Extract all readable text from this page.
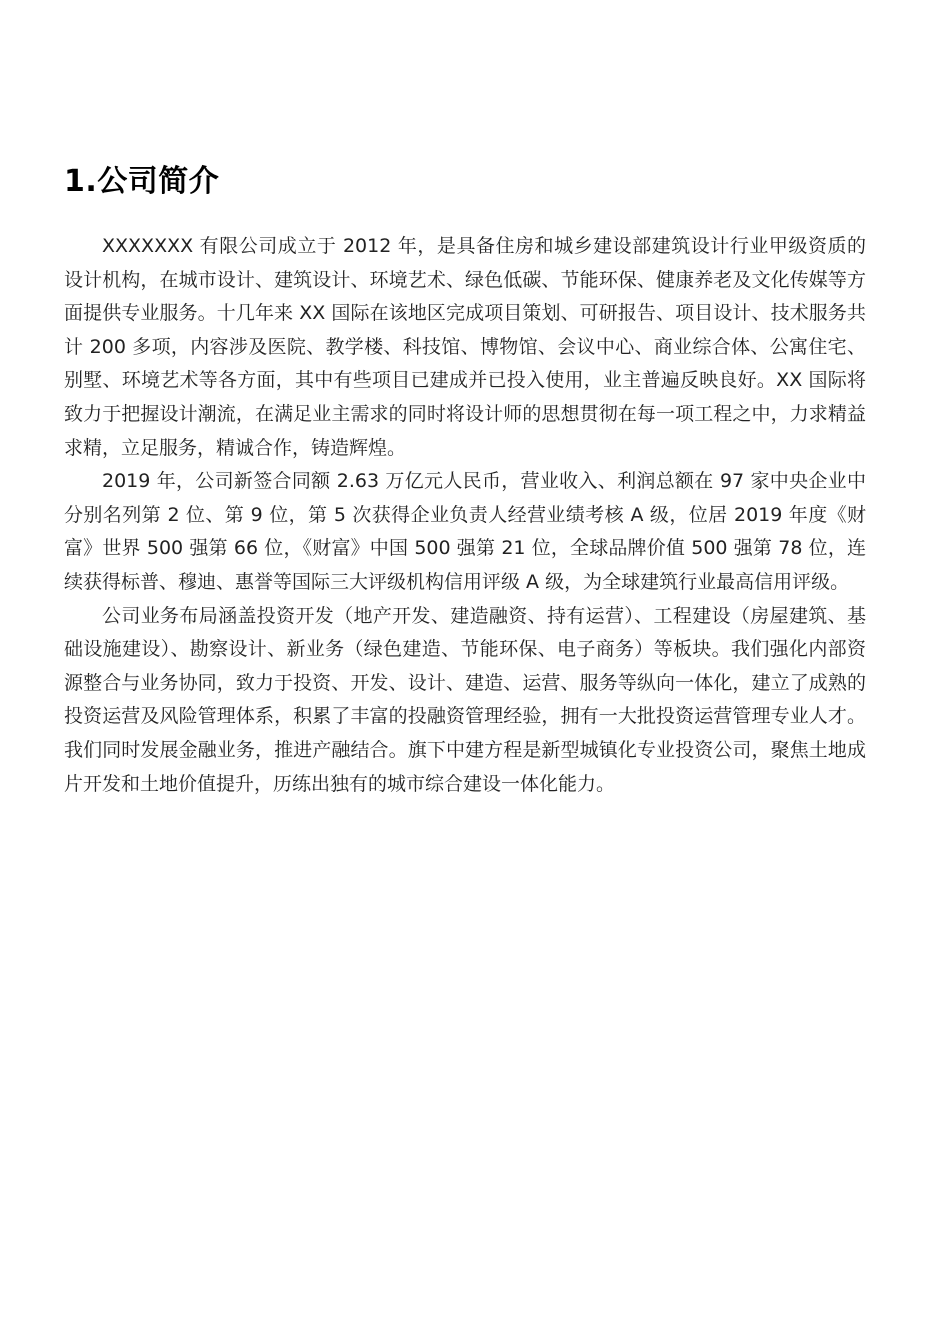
1.公司简介

XXXXXXX 有限公司成立于 2012 年，是具备住房和城乡建设部建筑设计行业甲级资质的设计机构，在城市设计、建筑设计、环境艺术、绿色低碳、节能环保、健康养老及文化传媒等方面提供专业服务。十几年来 XX 国际在该地区完成项目策划、可研报告、项目设计、技术服务共计 200 多项，内容涉及医院、教学楼、科技馆、博物馆、会议中心、商业综合体、公寓住宅、别墅、环境艺术等各方面，其中有些项目已建成并已投入使用，业主普遍反映良好。XX 国际将致力于把握设计潮流，在满足业主需求的同时将设计师的思想贯彻在每一项工程之中，力求精益求精，立足服务，精诚合作，铸造辉煌。

2019 年，公司新签合同额 2.63 万亿元人民币，营业收入、利润总额在 97 家中央企业中分别名列第 2 位、第 9 位，第 5 次获得企业负责人经营业绩考核 A 级，位居 2019 年度《财富》世界 500 强第 66 位，《财富》中国 500 强第 21 位，全球品牌价值 500 强第 78 位，连续获得标普、穆迪、惠誉等国际三大评级机构信用评级 A 级，为全球建筑行业最高信用评级。

公司业务布局涵盖投资开发（地产开发、建造融资、持有运营）、工程建设（房屋建筑、基础设施建设）、勘察设计、新业务（绿色建造、节能环保、电子商务）等板块。我们强化内部资源整合与业务协同，致力于投资、开发、设计、建造、运营、服务等纵向一体化，建立了成熟的投资运营及风险管理体系，积累了丰富的投融资管理经验，拥有一大批投资运营管理专业人才。我们同时发展金融业务，推进产融结合。旗下中建方程是新型城镇化专业投资公司，聚焦土地成片开发和土地价值提升，历练出独有的城市综合建设一体化能力。
